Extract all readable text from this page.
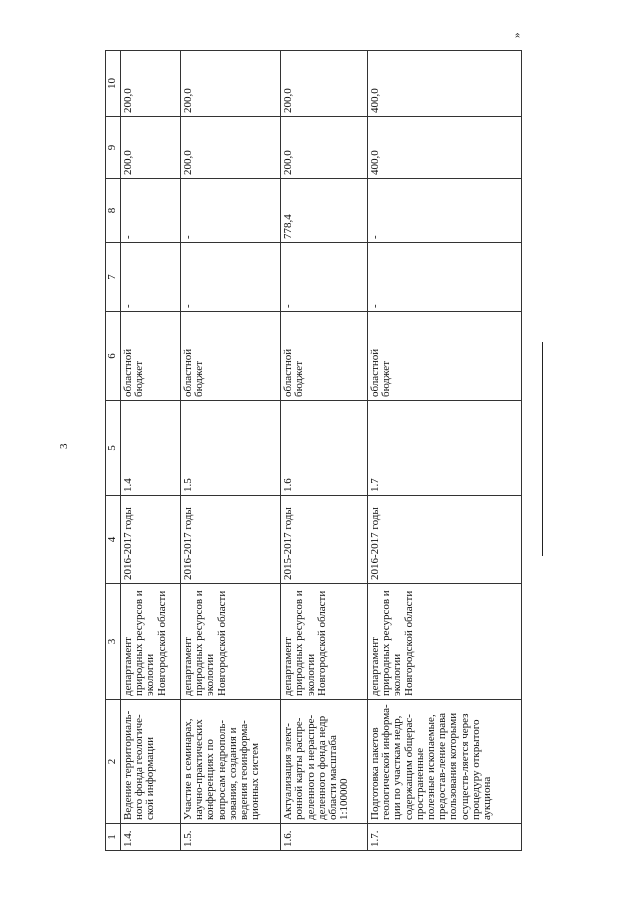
3
»
1	2	3	4	5	6	7	8	9	10
1.4.	Ведение территориаль-ного фонда геологиче-ской информации	департамент природных ресурсов и экологии Новгородской области	2016-2017 годы	1.4	областной бюджет	-	-	200,0	200,0
1.5.	Участие в семинарах, научно-практических конференциях по вопросам недрополь-зования, создания и ведения геоинформа-ционных систем	департамент природных ресурсов и экологии Новгородской области	2016-2017 годы	1.5	областной бюджет	-	-	200,0	200,0
1.6.	Актуализация элект-ронной карты распре-деленного и нераспре-деленного фонда недр области масштаба 1:100000	департамент природных ресурсов и экологии Новгородской области	2015-2017 годы	1.6	областной бюджет	-	778,4	200,0	200,0
1.7.	Подготовка пакетов геологической информа-ции по участкам недр, содержащим общерас-пространенные полезные ископаемые, предостав-ление права пользования которыми осуществ-ляется через процедуру открытого аукциона	департамент природных ресурсов и экологии Новгородской области	2016-2017 годы	1.7	областной бюджет	-	-	400,0	400,0
